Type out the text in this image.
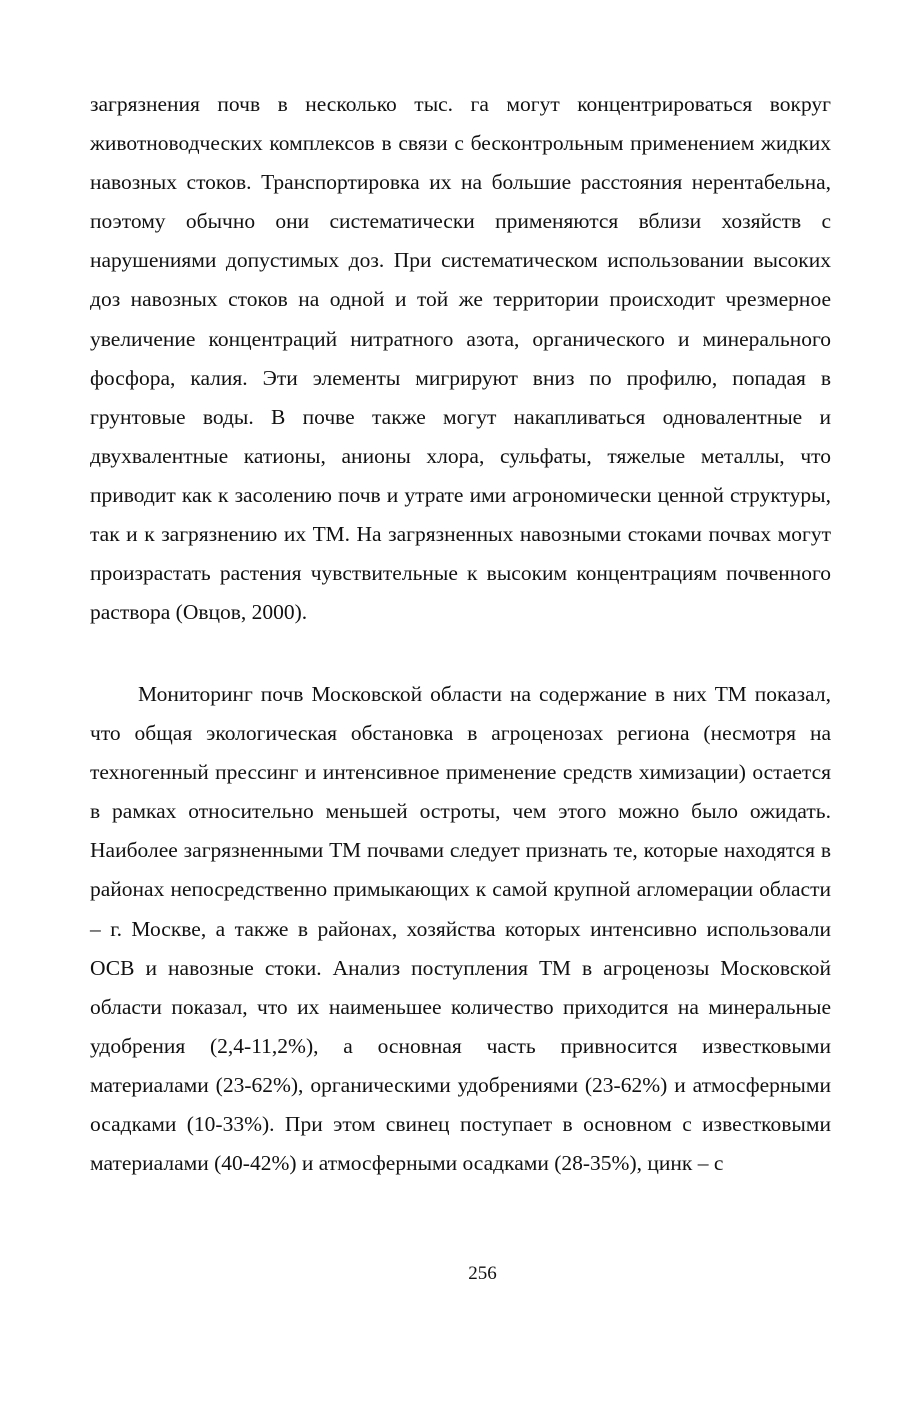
загрязнения почв в несколько тыс. га могут концентрироваться вокруг животноводческих комплексов в связи с бесконтрольным применением жидких навозных стоков. Транспортировка их на большие расстояния нерентабельна, поэтому обычно они систематически применяются вблизи хозяйств с нарушениями допустимых доз. При систематическом использовании высоких доз навозных стоков на одной и той же территории происходит чрезмерное увеличение концентраций нитратного азота, органического и минерального фосфора, калия. Эти элементы мигрируют вниз по профилю, попадая в грунтовые воды. В почве также могут накапливаться одновалентные и двухвалентные катионы, анионы хлора, сульфаты, тяжелые металлы, что приводит как к засолению почв и утрате ими агрономически ценной структуры, так и к загрязнению их ТМ. На загрязненных навозными стоками почвах могут произрастать растения чувствительные к высоким концентрациям почвенного раствора (Овцов, 2000).

Мониторинг почв Московской области на содержание в них ТМ показал, что общая экологическая обстановка в агроценозах региона (несмотря на техногенный прессинг и интенсивное применение средств химизации) остается в рамках относительно меньшей остроты, чем этого можно было ожидать. Наиболее загрязненными ТМ почвами следует признать те, которые находятся в районах непосредственно примыкающих к самой крупной агломерации области – г. Москве, а также в районах, хозяйства которых интенсивно использовали ОСВ и навозные стоки. Анализ поступления ТМ в агроценозы Московской области показал, что их наименьшее количество приходится на минеральные удобрения (2,4-11,2%), а основная часть привносится известковыми материалами (23-62%), органическими удобрениями (23-62%) и атмосферными осадками (10-33%). При этом свинец поступает в основном с известковыми материалами (40-42%) и атмосферными осадками (28-35%), цинк – с

256
